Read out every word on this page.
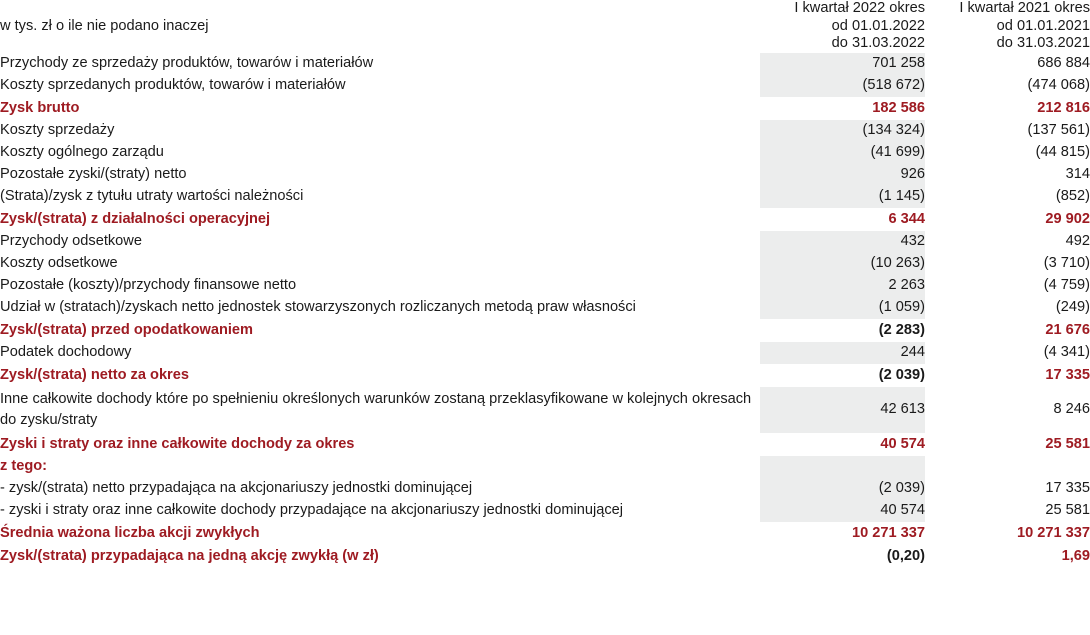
w tys. zł o ile nie podano inaczej	I kwartał 2022 okres
od 01.01.2022
do 31.03.2022	I kwartał 2021 okres
od 01.01.2021
do 31.03.2021

Przychody ze sprzedaży produktów, towarów i materiałów	701 258	686 884
Koszty sprzedanych produktów, towarów i materiałów	(518 672)	(474 068)
Zysk brutto	182 586	212 816
Koszty sprzedaży	(134 324)	(137 561)
Koszty ogólnego zarządu	(41 699)	(44 815)
Pozostałe zyski/(straty) netto	926	314
(Strata)/zysk z tytułu utraty wartości należności	(1 145)	(852)
Zysk/(strata) z działalności operacyjnej	6 344	29 902
Przychody odsetkowe	432	492
Koszty odsetkowe	(10 263)	(3 710)
Pozostałe (koszty)/przychody finansowe netto	2 263	(4 759)
Udział w (stratach)/zyskach netto jednostek stowarzyszonych rozliczanych metodą praw własności	(1 059)	(249)
Zysk/(strata) przed opodatkowaniem	(2 283)	21 676
Podatek dochodowy	244	(4 341)
Zysk/(strata) netto za okres	(2 039)	17 335
Inne całkowite dochody które po spełnieniu określonych warunków zostaną przeklasyfikowane w kolejnych okresach do zysku/straty	42 613	8 246
Zyski i straty oraz inne całkowite dochody za okres	40 574	25 581
z tego:		
- zysk/(strata) netto przypadająca na akcjonariuszy jednostki dominującej	(2 039)	17 335
- zyski i straty oraz inne całkowite dochody przypadające na akcjonariuszy jednostki dominującej	40 574	25 581
Średnia ważona liczba akcji zwykłych	10 271 337	10 271 337
Zysk/(strata) przypadająca na jedną akcję zwykłą (w zł)	(0,20)	1,69
